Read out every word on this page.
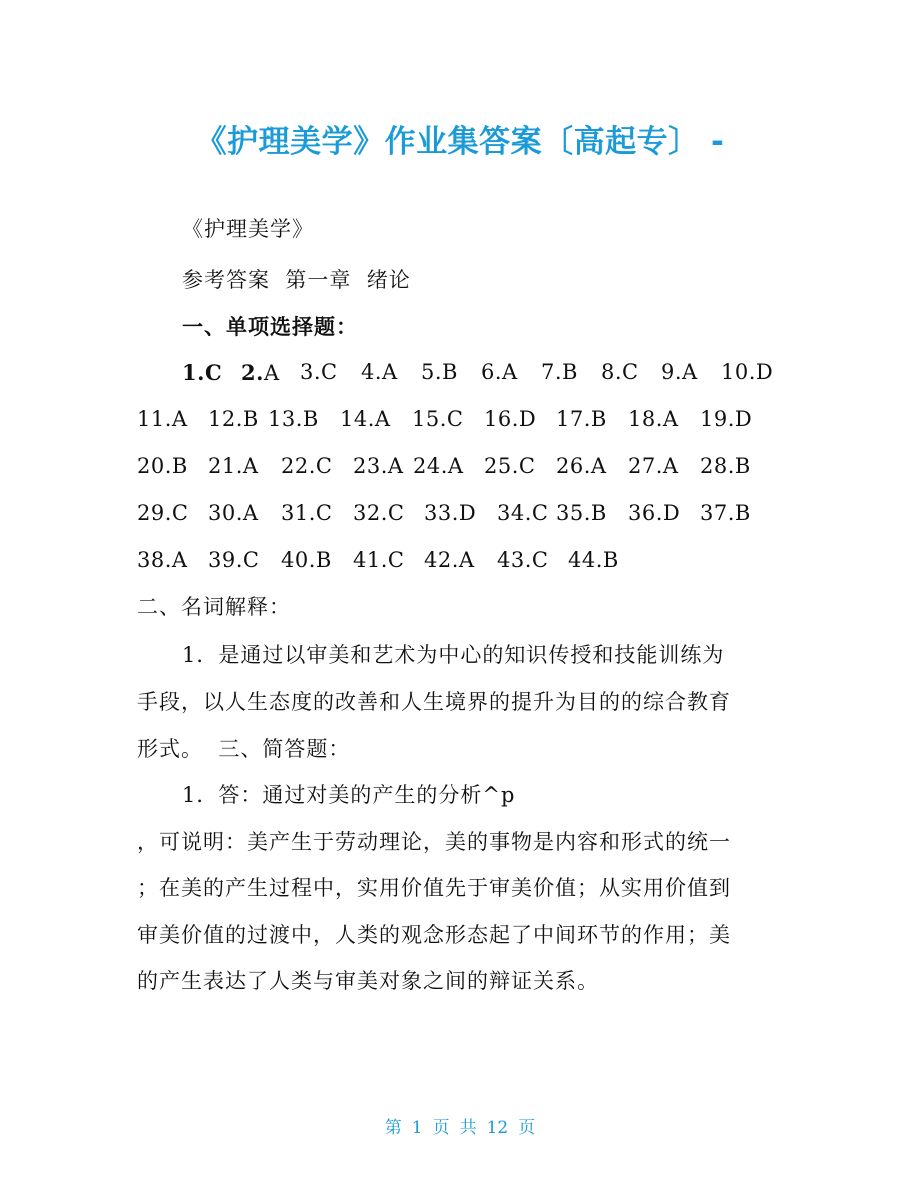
《护理美学》作业集答案〔高起专〕 -
《护理美学》
参考答案  第一章  绪论
一、单项选择题：
1.C 2.A 3.C 4.A 5.B 6.A 7.B 8.C 9.A 10.D
11.A 12.B 13.B 14.A 15.C 16.D 17.B 18.A 19.D
20.B 21.A 22.C 23.A 24.A 25.C 26.A 27.A 28.B
29.C 30.A 31.C 32.C 33.D 34.C 35.B 36.D 37.B
38.A 39.C 40.B 41.C 42.A 43.C 44.B
二、名词解释：
1．是通过以审美和艺术为中心的知识传授和技能训练为
手段，以人生态度的改善和人生境界的提升为目的的综合教育
形式。  三、简答题：
1．答：通过对美的产生的分析^p
，可说明：美产生于劳动理论，美的事物是内容和形式的统一
；在美的产生过程中，实用价值先于审美价值；从实用价值到
审美价值的过渡中，人类的观念形态起了中间环节的作用；美
的产生表达了人类与审美对象之间的辩证关系。
第 1 页 共 12 页
